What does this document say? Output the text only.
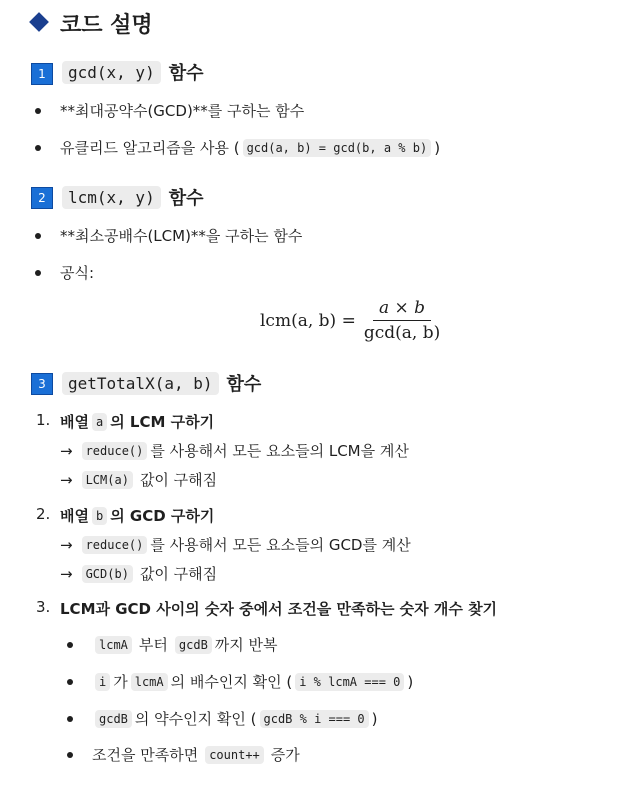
코드 설명
1	gcd(x, y) 함수
**최대공약수(GCD)**를 구하는 함수
유클리드 알고리즘을 사용 ( gcd(a, b) = gcd(b, a % b) )
2	lcm(x, y) 함수
**최소공배수(LCM)**을 구하는 함수
공식:
lcm(a, $b) = \frac{a \times b}{\gcd(a, b)}$
3	getTotalX(a, b) 함수
1. 배열 a 의 LCM 구하기
→	reduce() 를 사용해서 모든 요소들의 LCM을 계산
→	LCM(a) 값이 구해짐
2. 배열 b 의 GCD 구하기
→	reduce() 를 사용해서 모든 요소들의 GCD를 계산
→	GCD(b) 값이 구해짐
3. LCM과 GCD 사이의 숫자 중에서 조건을 만족하는 숫자 개수 찾기
lcmA 부터 gcdB 까지 반복
i 가 lcmA 의 배수인지 확인 ( i % lcmA === 0 )
gcdB 의 약수인지 확인 ( gcdB % i === 0 )
조건을 만족하면 count++ 증가
